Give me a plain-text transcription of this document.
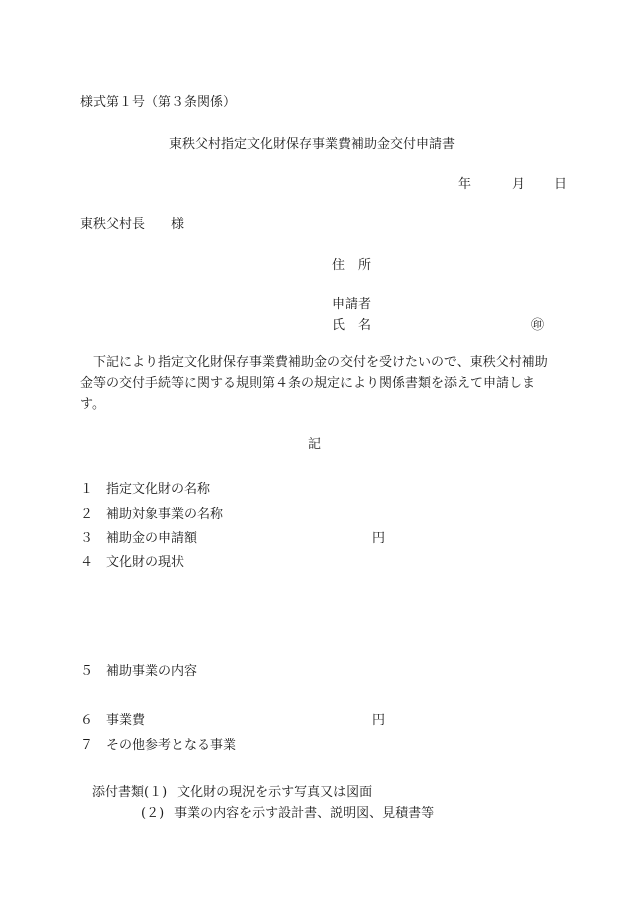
様式第１号（第３条関係）
東秩父村指定文化財保存事業費補助金交付申請書
年	月 日
東秩父村長　　様
住　所
申請者
氏　名	㊞
下記により指定文化財保存事業費補助金の交付を受けたいので、東秩父村補助金等の交付手続等に関する規則第４条の規定により関係書類を添えて申請します。
記
１ 指定文化財の名称
２ 補助対象事業の名称
３ 補助金の申請額	円
４ 文化財の現状
５ 補助事業の内容
６ 事業費	円
７ その他参考となる事業
添付書類(１) 文化財の現況を示す写真又は図面
(２) 事業の内容を示す設計書、説明図、見積書等
